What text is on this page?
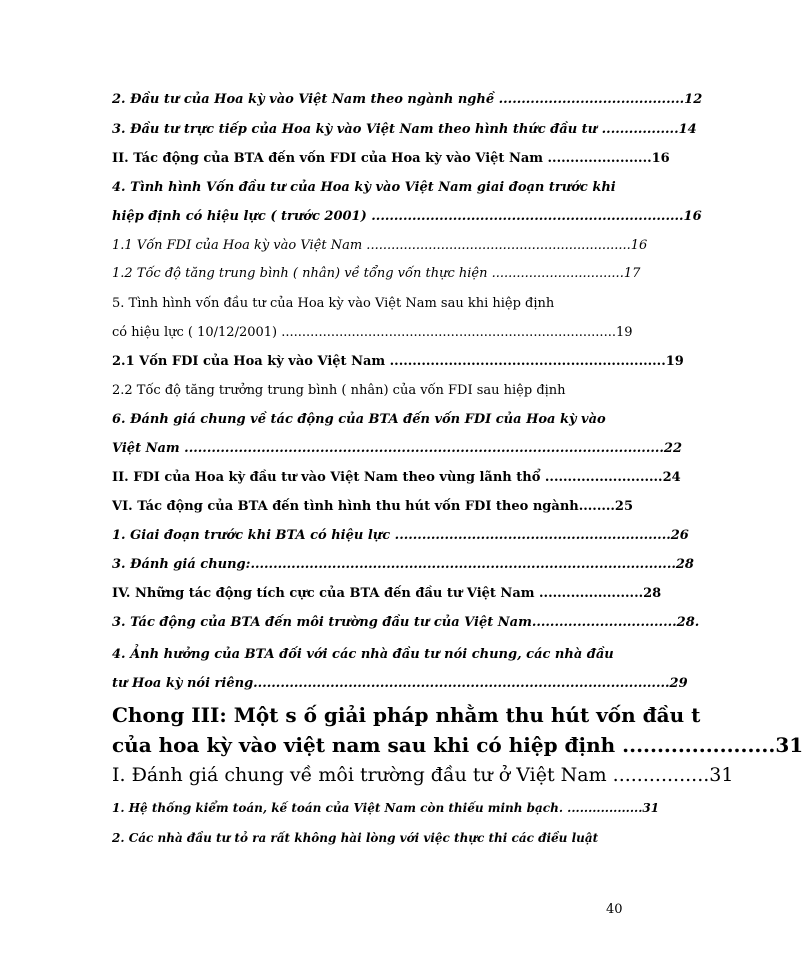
2. Đầu tư của Hoa kỳ vào Việt Nam theo ngành nghề .........................................12
3. Đầu tư trực tiếp của Hoa kỳ vào Việt Nam theo hình thức đầu tư .................14
II. Tác động của BTA đến vốn FDI của Hoa kỳ vào Việt Nam .......................16
4. Tình hình Vốn đầu tư của Hoa kỳ vào Việt Nam giai đoạn trước khi
hiệp định có hiệu lực ( trước 2001) .....................................................................16
1.1 Vốn FDI của Hoa kỳ vào Việt Nam ................................................................16
1.2 Tốc độ tăng trung bình ( nhân) về tổng vốn thực hiện ................................17
5. Tình hình vốn đầu tư của Hoa kỳ vào Việt Nam sau khi hiệp định
có hiệu lực ( 10/12/2001) .................................................................................19
2.1 Vốn FDI của Hoa kỳ vào Việt Nam .............................................................19
2.2 Tốc độ tăng trưởng trung bình ( nhân) của vốn FDI sau hiệp định
6. Đánh giá chung về tác động của BTA đến vốn FDI của Hoa kỳ vào
Việt Nam ..........................................................................................................22
II. FDI của Hoa kỳ đầu tư vào Việt Nam theo vùng lãnh thổ ..........................24
VI. Tác động của BTA đến tình hình thu hút vốn FDI theo ngành........25
1. Giai đoạn trước khi BTA có hiệu lực .............................................................26
3. Đánh giá chung:..............................................................................................28
IV. Những tác động tích cực của BTA đến đầu tư Việt Nam .......................28
3. Tác động của BTA đến môi trường đầu tư của Việt Nam................................28.
4. Ảnh hưởng của BTA đối với các nhà đầu tư nói chung, các nhà đầu
tư Hoa kỳ nói riêng............................................................................................29
Chong III: Một s ố giải pháp nhằm thu hút vốn đầu t
của hoa kỳ vào việt nam sau khi có hiệp định ......................31
I. Đánh giá chung về môi trường đầu tư ở Việt Nam ................31
1. Hệ thống kiểm toán, kế toán của Việt Nam còn thiếu minh bạch. ..................31
2. Các nhà đầu tư tỏ ra rất không hài lòng với việc thực thi các điều luật
40
